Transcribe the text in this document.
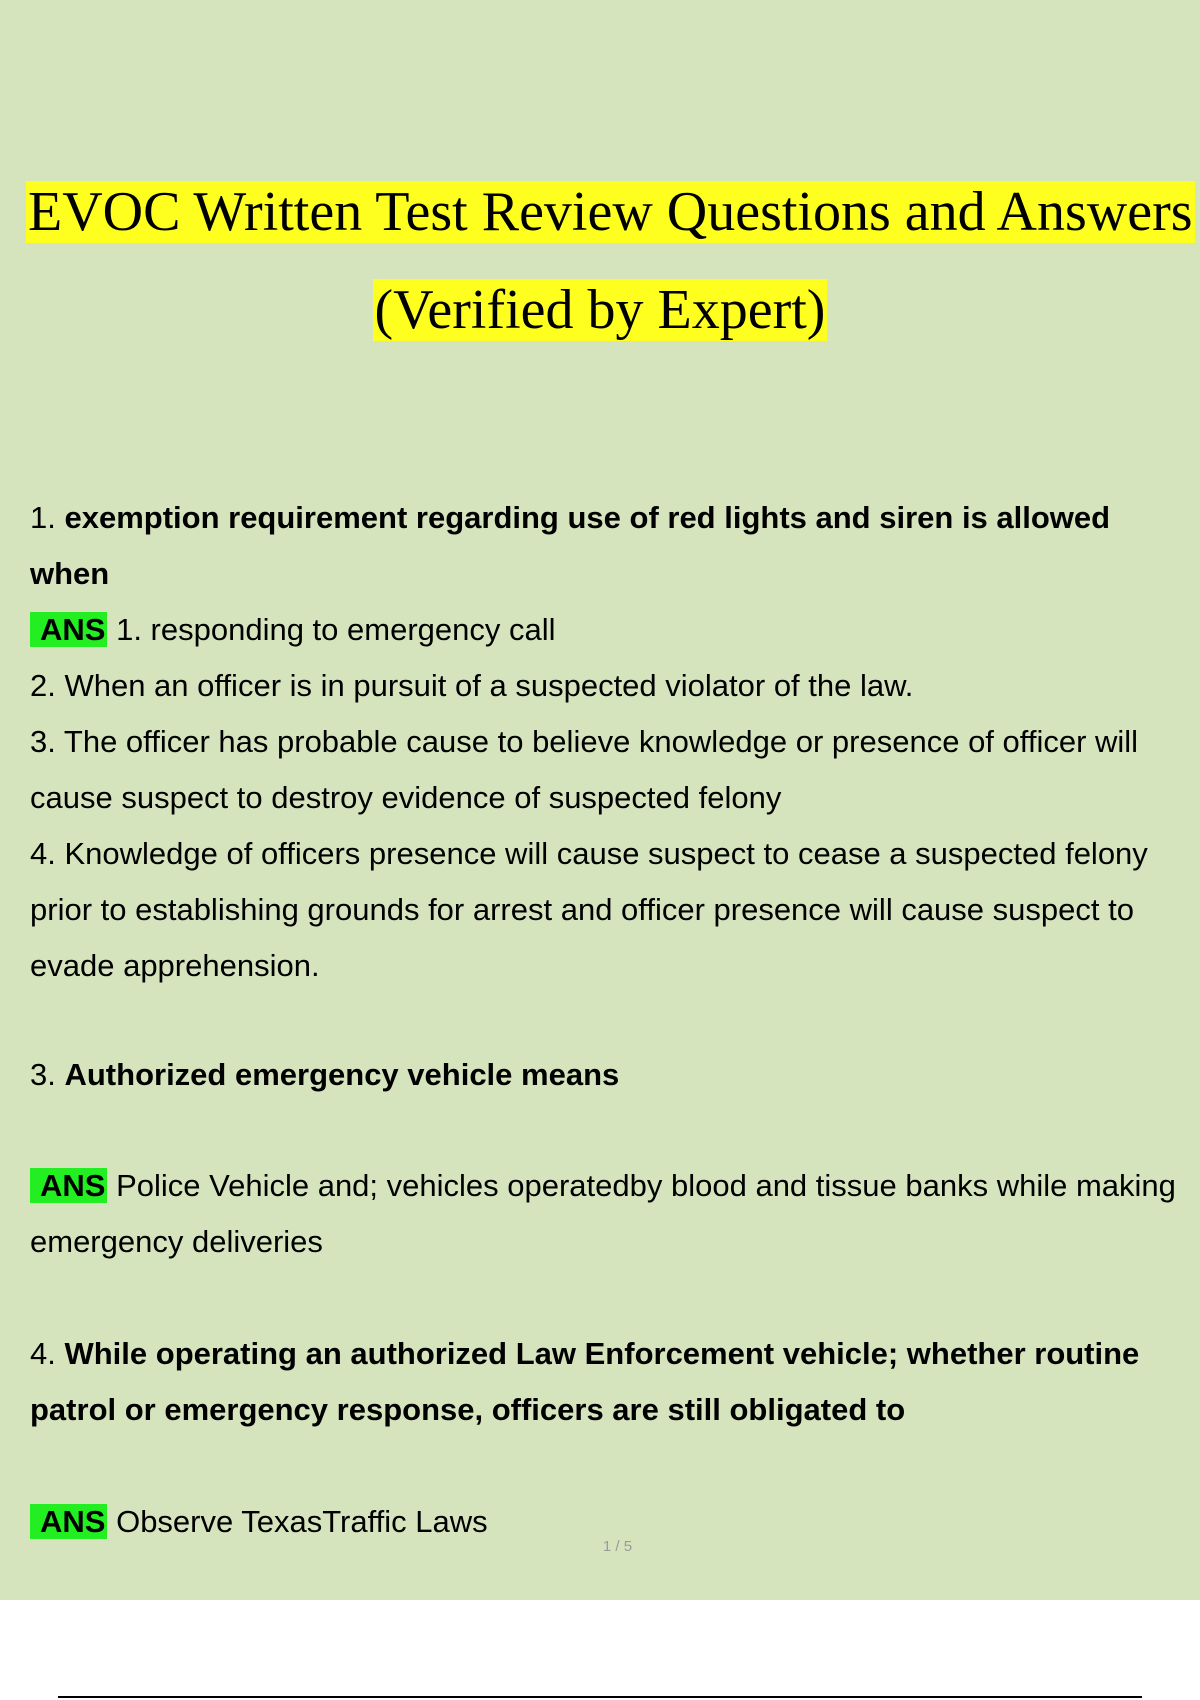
EVOC Written Test Review Questions and Answers
(Verified by Expert)
1. exemption requirement regarding use of red lights and siren is allowed when
ANS 1. responding to emergency call
2. When an officer is in pursuit of a suspected violator of the law.
3. The officer has probable cause to believe knowledge or presence of officer will cause suspect to destroy evidence of suspected felony
4. Knowledge of officers presence will cause suspect to cease a suspected felony prior to establishing grounds for arrest and officer presence will cause suspect to evade apprehension.
3. Authorized emergency vehicle means
ANS Police Vehicle and; vehicles operatedby blood and tissue banks while making emergency deliveries
4. While operating an authorized Law Enforcement vehicle; whether routine patrol or emergency response, officers are still obligated to
ANS Observe TexasTraffic Laws
1 / 5
